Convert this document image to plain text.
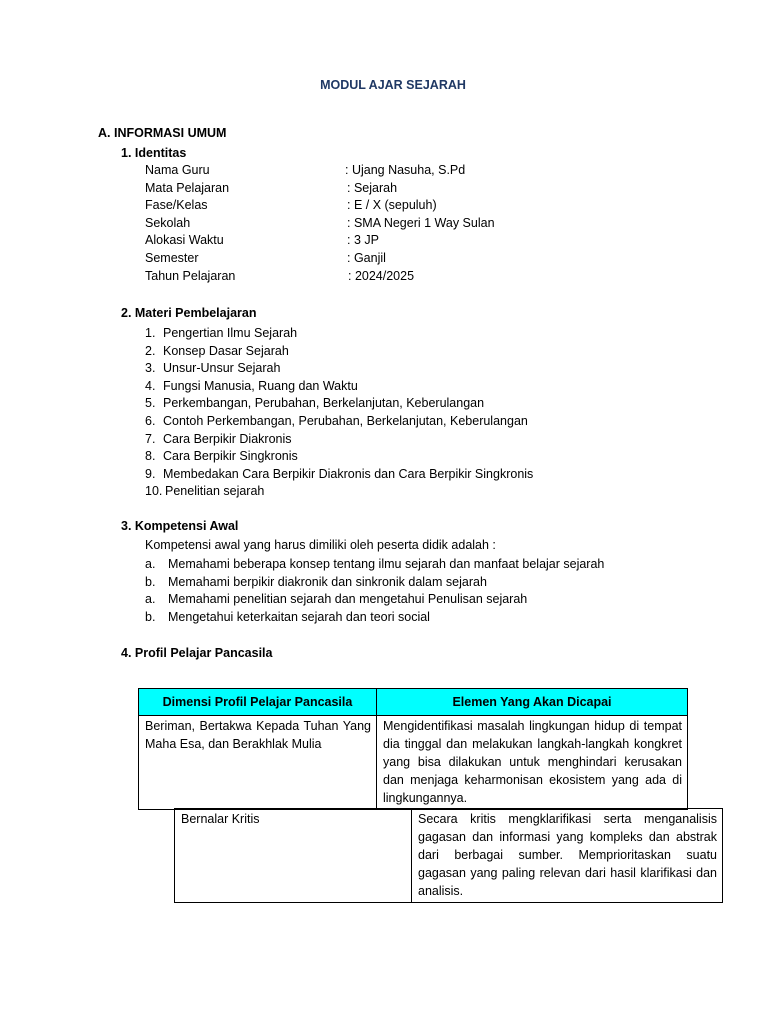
MODUL AJAR SEJARAH
A. INFORMASI UMUM
1. Identitas
Nama Guru	: Ujang Nasuha, S.Pd
Mata Pelajaran	: Sejarah
Fase/Kelas	: E / X (sepuluh)
Sekolah	: SMA Negeri 1 Way Sulan
Alokasi Waktu	: 3 JP
Semester	: Ganjil
Tahun Pelajaran	: 2024/2025
2. Materi Pembelajaran
1. Pengertian Ilmu Sejarah
2. Konsep Dasar Sejarah
3. Unsur-Unsur Sejarah
4. Fungsi Manusia, Ruang dan Waktu
5. Perkembangan, Perubahan, Berkelanjutan, Keberulangan
6. Contoh Perkembangan, Perubahan, Berkelanjutan, Keberulangan
7. Cara Berpikir Diakronis
8. Cara Berpikir Singkronis
9. Membedakan Cara Berpikir Diakronis dan Cara Berpikir Singkronis
10. Penelitian sejarah
3. Kompetensi Awal
Kompetensi awal yang harus dimiliki oleh peserta didik adalah :
a. Memahami beberapa konsep tentang ilmu sejarah dan manfaat belajar sejarah
b. Memahami berpikir diakronik dan sinkronik dalam sejarah
a. Memahami penelitian sejarah dan mengetahui Penulisan sejarah
b. Mengetahui keterkaitan sejarah dan teori social
4. Profil Pelajar Pancasila
Dimensi Profil Pelajar Pancasila	Elemen Yang Akan Dicapai
Beriman, Bertakwa Kepada Tuhan Yang Maha Esa, dan Berakhlak Mulia	Mengidentifikasi masalah lingkungan hidup di tempat dia tinggal dan melakukan langkah-langkah kongkret yang bisa dilakukan untuk menghindari kerusakan dan menjaga keharmonisan ekosistem yang ada di lingkungannya.
Bernalar Kritis	Secara kritis mengklarifikasi serta menganalisis gagasan dan informasi yang kompleks dan abstrak dari berbagai sumber. Memprioritaskan suatu gagasan yang paling relevan dari hasil klarifikasi dan analisis.
